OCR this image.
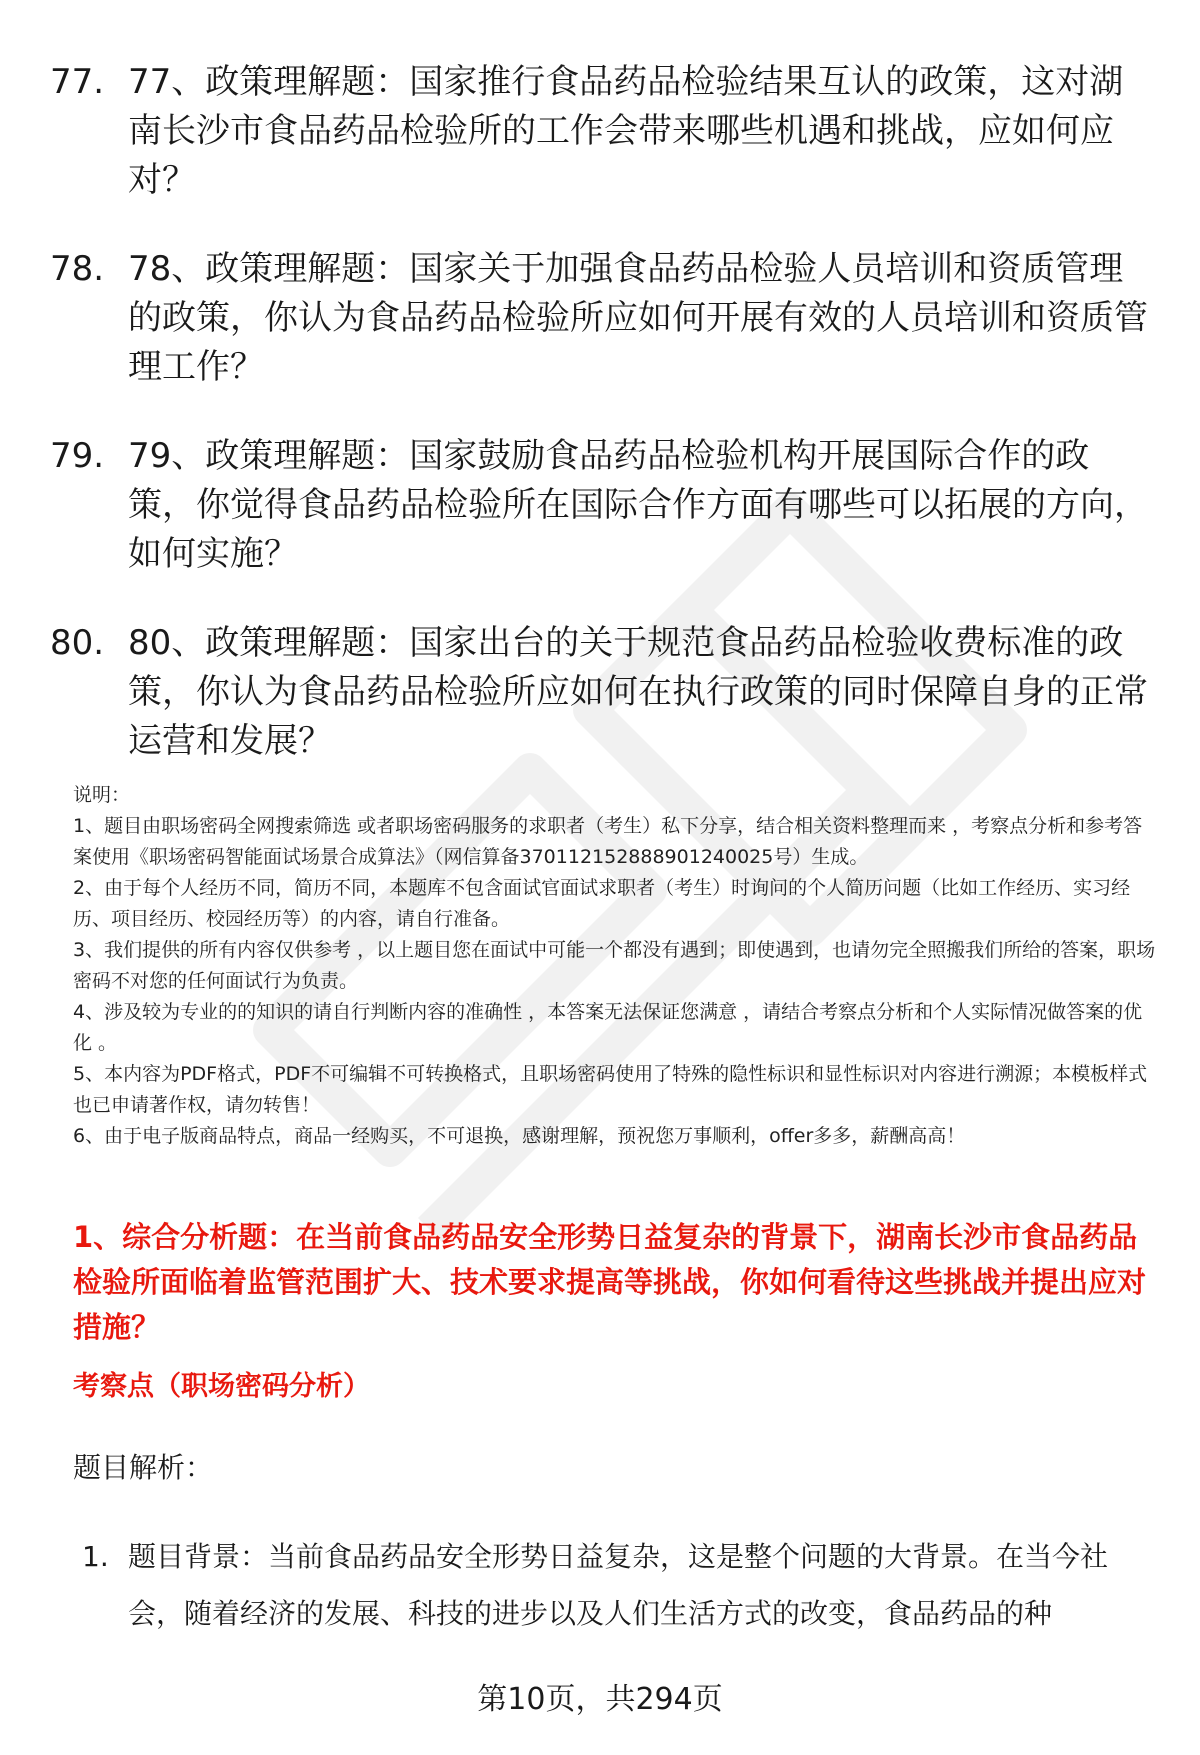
77. 77、政策理解题：国家推行食品药品检验结果互认的政策，这对湖南长沙市食品药品检验所的工作会带来哪些机遇和挑战，应如何应对？
78. 78、政策理解题：国家关于加强食品药品检验人员培训和资质管理的政策，你认为食品药品检验所应如何开展有效的人员培训和资质管理工作？
79. 79、政策理解题：国家鼓励食品药品检验机构开展国际合作的政策，你觉得食品药品检验所在国际合作方面有哪些可以拓展的方向，如何实施？
80. 80、政策理解题：国家出台的关于规范食品药品检验收费标准的政策，你认为食品药品检验所应如何在执行政策的同时保障自身的正常运营和发展？

说明：

1、题目由职场密码全网搜索筛选 或者职场密码服务的求职者（考生）私下分享，结合相关资料整理而来 ，考察点分析和参考答案使用《职场密码智能面试场景合成算法》（网信算备370112152888901240025号）生成。

2、由于每个人经历不同，简历不同，本题库不包含面试官面试求职者（考生）时询问的个人简历问题（比如工作经历、实习经历、项目经历、校园经历等）的内容，请自行准备。

3、我们提供的所有内容仅供参考 ，以上题目您在面试中可能一个都没有遇到；即使遇到，也请勿完全照搬我们所给的答案，职场密码不对您的任何面试行为负责。

4、涉及较为专业的的知识的请自行判断内容的准确性 ，本答案无法保证您满意 ，请结合考察点分析和个人实际情况做答案的优化 。

5、本内容为PDF格式，PDF不可编辑不可转换格式，且职场密码使用了特殊的隐性标识和显性标识对内容进行溯源；本模板样式也已申请著作权，请勿转售！

6、由于电子版商品特点，商品一经购买，不可退换，感谢理解，预祝您万事顺利，offer多多，薪酬高高！

1、综合分析题：在当前食品药品安全形势日益复杂的背景下，湖南长沙市食品药品检验所面临着监管范围扩大、技术要求提高等挑战，你如何看待这些挑战并提出应对措施？
考察点（职场密码分析）
题目解析：
1. 题目背景：当前食品药品安全形势日益复杂，这是整个问题的大背景。在当今社会，随着经济的发展、科技的进步以及人们生活方式的改变，食品药品的种
第10页，共294页
